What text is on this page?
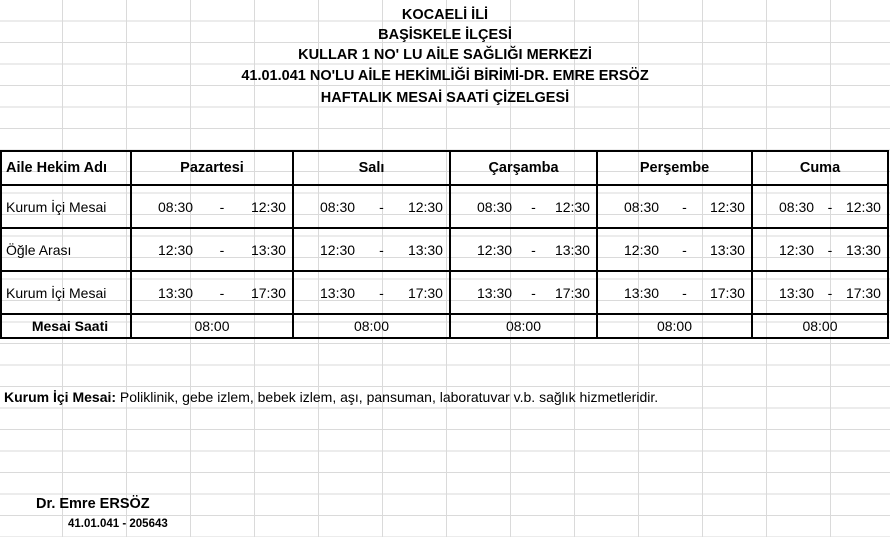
KOCAELİ İLİ
BAŞİSKELE İLÇESİ
KULLAR 1 NO' LU AİLE SAĞLIĞI MERKEZİ
41.01.041 NO'LU AİLE HEKİMLİĞİ BİRİMİ-DR. EMRE ERSÖZ
HAFTALIK MESAİ SAATİ ÇİZELGESİ
Aile Hekim Adı	Pazartesi	Salı	Çarşamba	Perşembe	Cuma
Kurum İçi Mesai	08:30 - 12:30	08:30 - 12:30	08:30 - 12:30	08:30 - 12:30	08:30 - 12:30

Öğle Arası	12:30 - 13:30	12:30 - 13:30	12:30 - 13:30	12:30 - 13:30	12:30 - 13:30

Kurum İçi Mesai	13:30 - 17:30	13:30 - 17:30	13:30 - 17:30	13:30 - 17:30	13:30 - 17:30

Mesai Saati	08:00	08:00	08:00	08:00	08:00
Kurum İçi Mesai: Poliklinik, gebe izlem, bebek izlem, aşı, pansuman, laboratuvar v.b. sağlık hizmetleridir.
Dr. Emre ERSÖZ
41.01.041 - 205643
